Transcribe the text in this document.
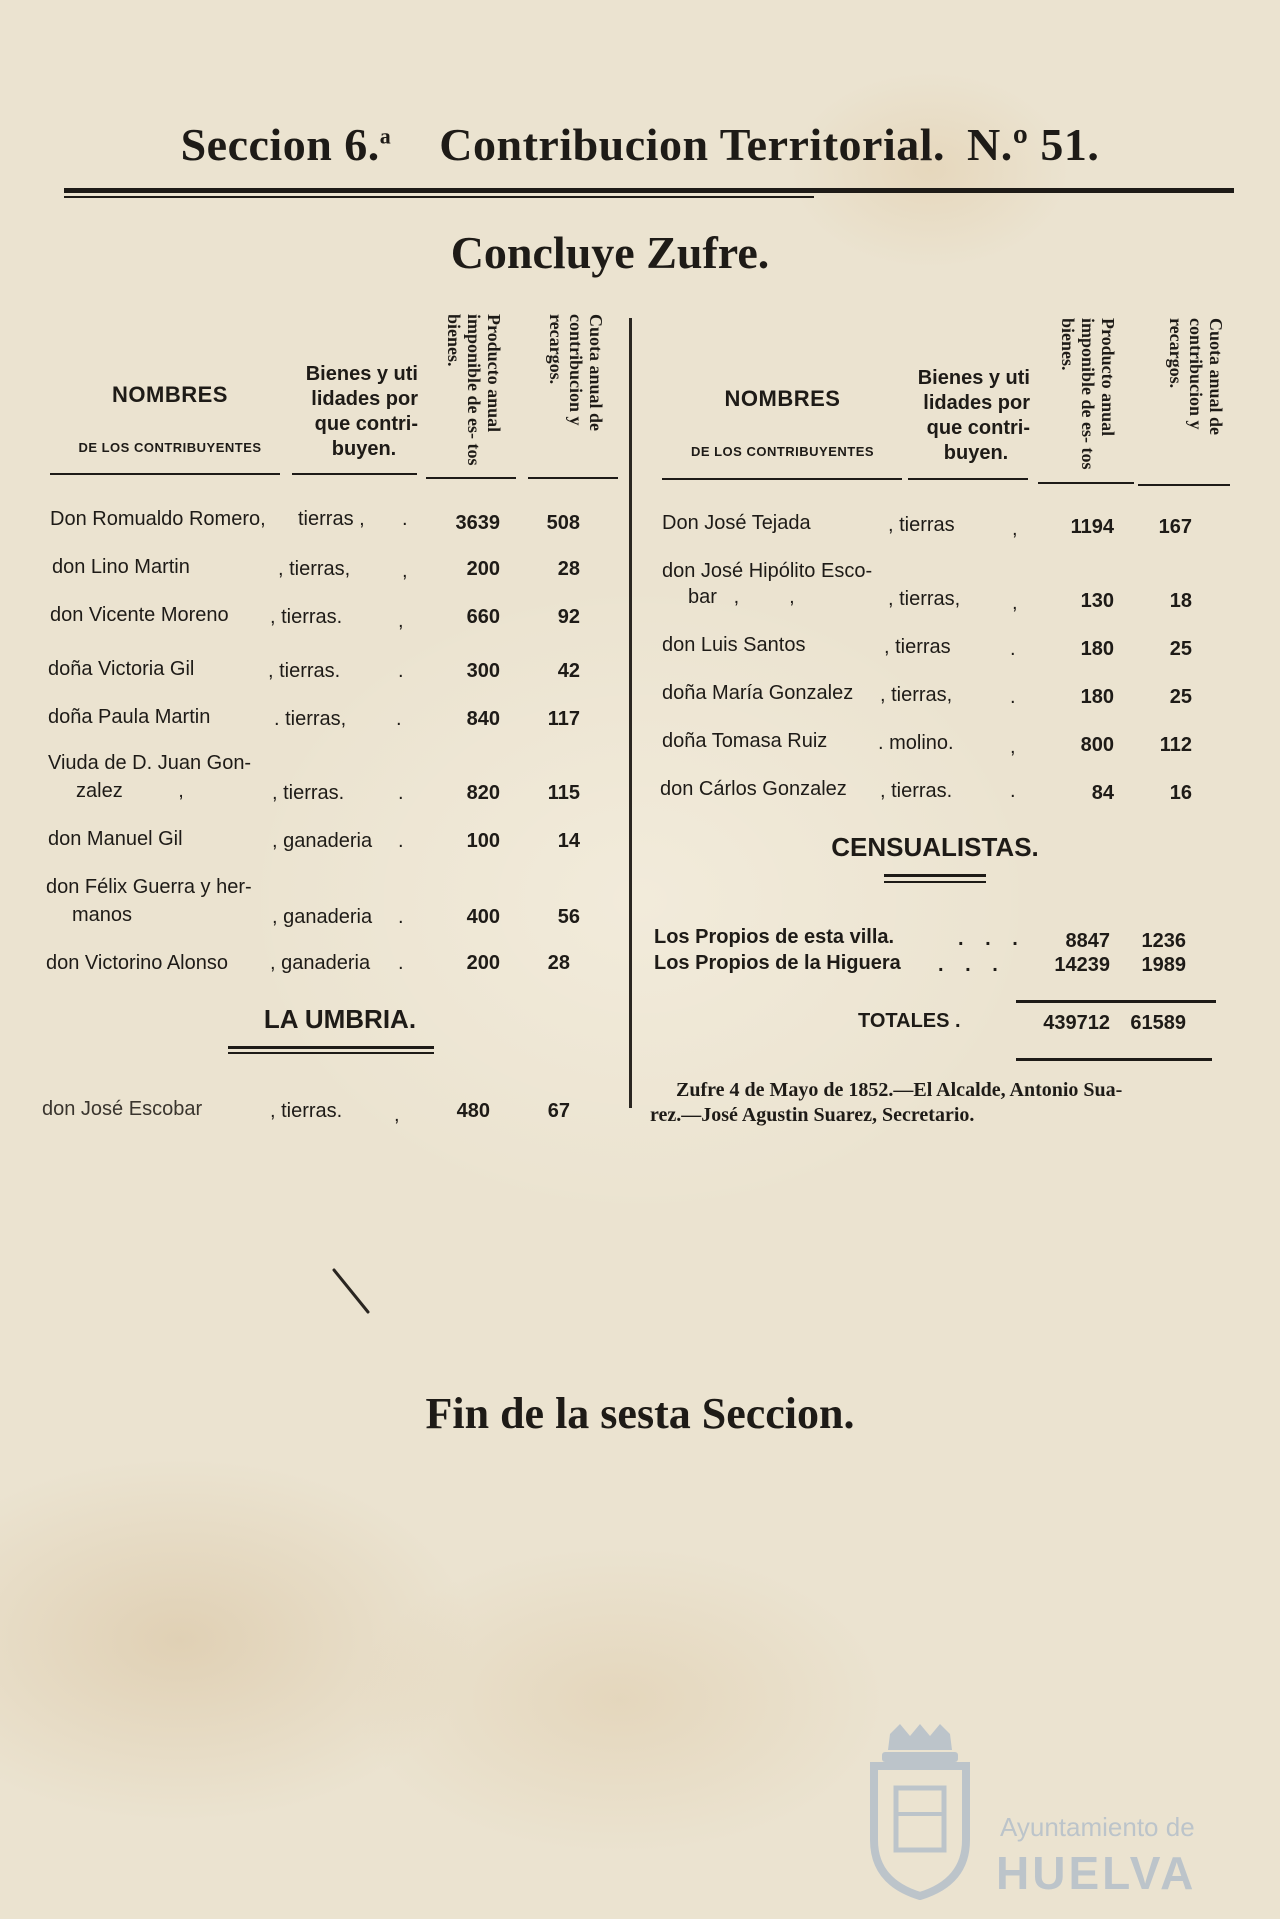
Seccion 6.$^a$ Contribucion Territorial. N.º 51.
Concluye Zufre.
NOMBRES
DE LOS CONTRIBUYENTES
Bienes y uti
lidades por
que contri-
buyen.
Producto anual imponible de es- tos bienes.	Cuota anual de contribucion y recargos.
Don Romualdo Romero, tierras , .	3639	508
don Lino Martin	, tierras,	,	200	28
don Vicente Moreno , tierras.	,	660	92
doña Victoria Gil	, tierras.	.	300	42
doña Paula Martin	. tierras, .	840	117
Viuda de D. Juan Gon-
zalez          ,	, tierras.	.	820	115
don Manuel Gil	, ganaderia .	100	14
don Félix Guerra y her-
manos	, ganaderia .	400	56
don Victorino Alonso , ganaderia .	200	28
LA UMBRIA.
don José Escobar	, tierras.	,	480	67
NOMBRES
DE LOS CONTRIBUYENTES
Bienes y uti
lidades por
que contri-
buyen.
Producto anual imponible de es- tos bienes.	Cuota anual de contribucion y recargos.
Don José Tejada	, tierras	,	1194	167
don José Hipólito Esco-
bar   ,         ,	, tierras,	,	130	18
don Luis Santos	, tierras	.	180	25
doña María Gonzalez , tierras,	.	180	25
doña Tomasa Ruiz	. molino.	,	800	112
don Cárlos Gonzalez , tierras.	.	84	16
CENSUALISTAS.
Los Propios de esta villa.	. . .	8847	1236
Los Propios de la Higuera . . .	14239	1989
TOTALES .	439712	61589
Zufre 4 de Mayo de 1852.—El Alcalde, Antonio Sua-
rez.—José Agustin Suarez, Secretario.
Fin de la sesta Seccion.
Ayuntamiento de
HUELVA
